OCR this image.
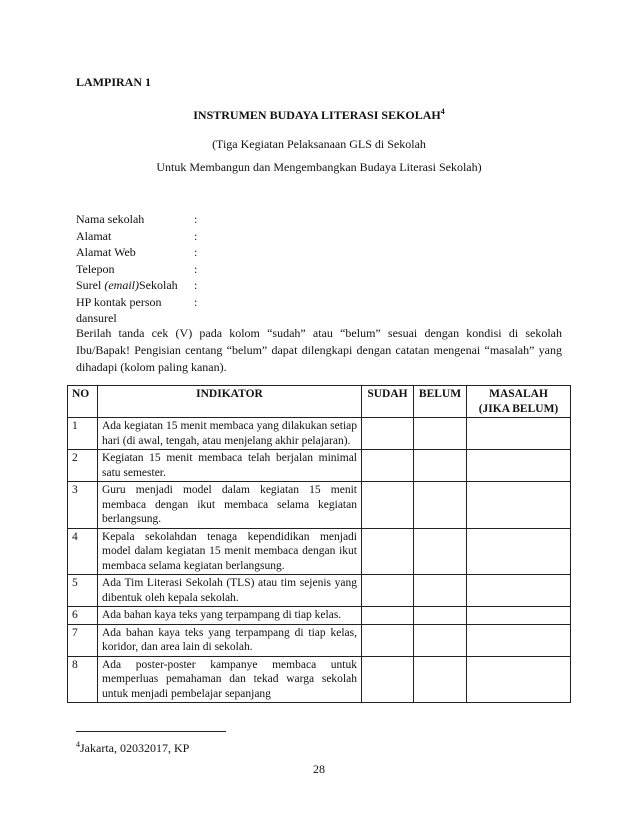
LAMPIRAN 1
INSTRUMEN BUDAYA LITERASI SEKOLAH$^4$
(Tiga Kegiatan Pelaksanaan GLS di Sekolah
Untuk Membangun dan Mengembangkan Budaya Literasi Sekolah)
Nama sekolah	:
Alamat	:
Alamat Web	:
Telepon	:
Surel (email)Sekolah	:
HP kontak person	:
dansurel
Berilah tanda cek (V) pada kolom “sudah” atau “belum” sesuai dengan kondisi di sekolah Ibu/Bapak! Pengisian centang “belum” dapat dilengkapi dengan catatan mengenai “masalah” yang dihadapi (kolom paling kanan).
NO	INDIKATOR	SUDAH	BELUM	MASALAH
(JIKA BELUM)

1	Ada kegiatan 15 menit membaca yang dilakukan setiap hari (di awal, tengah, atau menjelang akhir pelajaran).			
2	Kegiatan 15 menit membaca telah berjalan minimal satu semester.			
3	Guru menjadi model dalam kegiatan 15 menit membaca dengan ikut membaca selama kegiatan berlangsung.			
4	Kepala sekolahdan tenaga kependidikan menjadi model dalam kegiatan 15 menit membaca dengan ikut membaca selama kegiatan berlangsung.			
5	Ada Tim Literasi Sekolah (TLS) atau tim sejenis yang dibentuk oleh kepala sekolah.			
6	Ada bahan kaya teks yang terpampang di tiap kelas.			
7	Ada bahan kaya teks yang terpampang di tiap kelas, koridor, dan area lain di sekolah.			
8	Ada poster-poster kampanye membaca untuk memperluas pemahaman dan tekad warga sekolah untuk menjadi pembelajar sepanjang			
$^4$Jakarta, 02032017, KP
28
